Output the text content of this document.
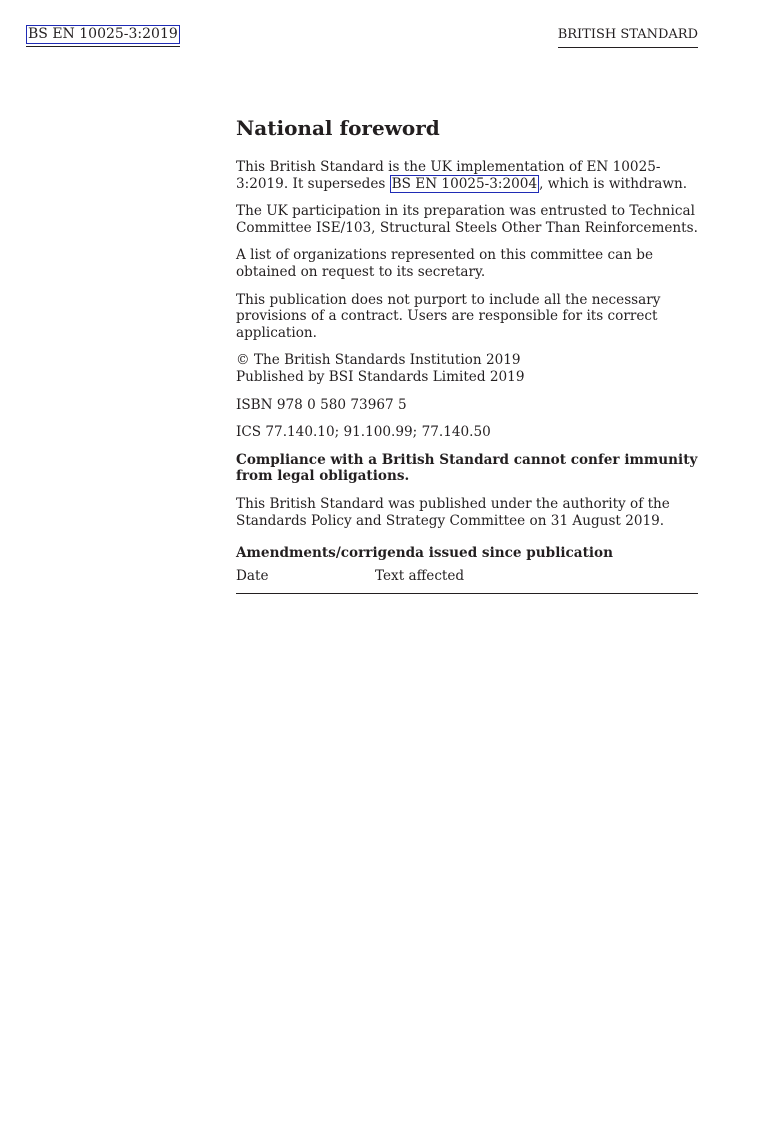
BS EN 10025-3:2019	BRITISH STANDARD
National foreword

This British Standard is the UK implementation of EN 10025-3:2019. It supersedes BS EN 10025-3:2004 , which is withdrawn.

The UK participation in its preparation was entrusted to Technical Committee ISE/103, Structural Steels Other Than Reinforcements.

A list of organizations represented on this committee can be obtained on request to its secretary.

This publication does not purport to include all the necessary provisions of a contract. Users are responsible for its correct application.

© The British Standards Institution 2019
Published by BSI Standards Limited 2019

ISBN 978 0 580 73967 5

ICS 77.140.10; 91.100.99; 77.140.50

Compliance with a British Standard cannot confer immunity from legal obligations.

This British Standard was published under the authority of the Standards Policy and Strategy Committee on 31 August 2019.

Amendments/corrigenda issued since publication
Date	Text affected
